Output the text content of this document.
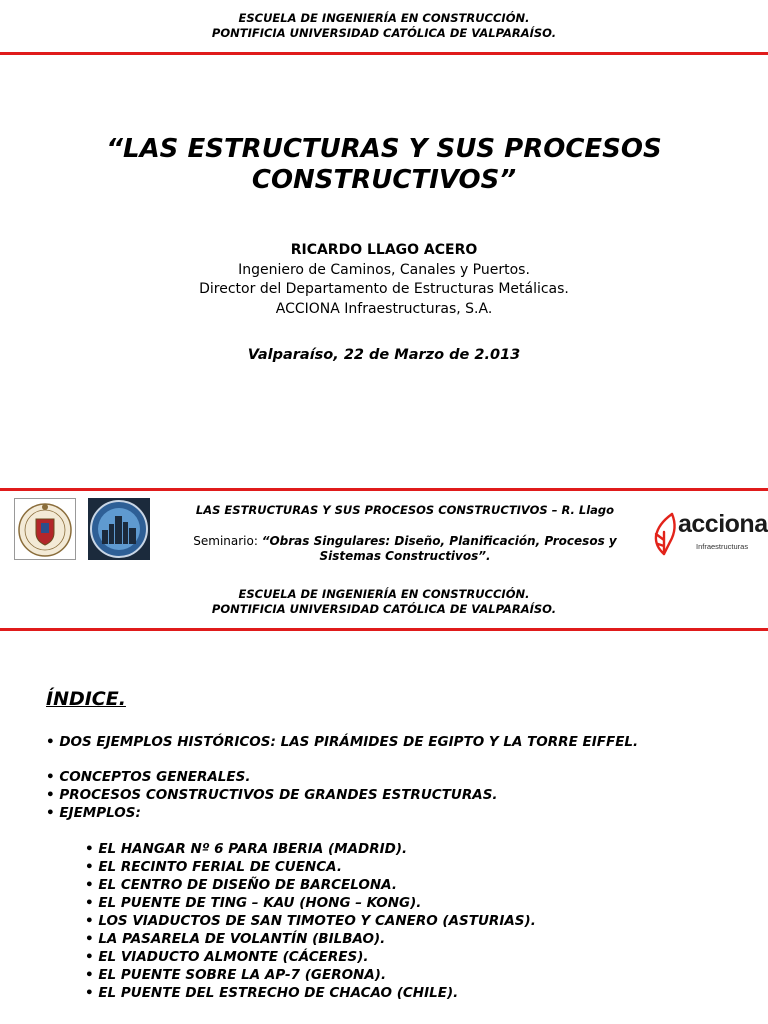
ESCUELA DE INGENIERÍA EN CONSTRUCCIÓN.
PONTIFICIA UNIVERSIDAD CATÓLICA DE VALPARAÍSO.
“LAS ESTRUCTURAS Y SUS PROCESOS
CONSTRUCTIVOS”
RICARDO LLAGO ACERO
Ingeniero de Caminos, Canales y Puertos.
Director del Departamento de Estructuras Metálicas.
ACCIONA Infraestructuras, S.A.
Valparaíso, 22 de Marzo de 2.013
LAS ESTRUCTURAS Y SUS PROCESOS CONSTRUCTIVOS – R. Llago
Seminario: “Obras Singulares: Diseño, Planificación, Procesos y
Sistemas Constructivos”.
acciona
Infraestructuras
ESCUELA DE INGENIERÍA EN CONSTRUCCIÓN.
PONTIFICIA UNIVERSIDAD CATÓLICA DE VALPARAÍSO.
ÍNDICE.
• DOS EJEMPLOS HISTÓRICOS: LAS PIRÁMIDES DE EGIPTO Y LA TORRE EIFFEL.
• CONCEPTOS GENERALES.
• PROCESOS CONSTRUCTIVOS DE GRANDES ESTRUCTURAS.
• EJEMPLOS:
• EL HANGAR Nº 6 PARA IBERIA (MADRID).
• EL RECINTO FERIAL DE CUENCA.
• EL CENTRO DE DISEÑO DE BARCELONA.
• EL PUENTE DE TING – KAU (HONG – KONG).
• LOS VIADUCTOS DE SAN TIMOTEO Y CANERO (ASTURIAS).
• LA PASARELA DE VOLANTÍN (BILBAO).
• EL VIADUCTO ALMONTE (CÁCERES).
• EL PUENTE SOBRE LA AP-7 (GERONA).
• EL PUENTE DEL ESTRECHO DE CHACAO (CHILE).
